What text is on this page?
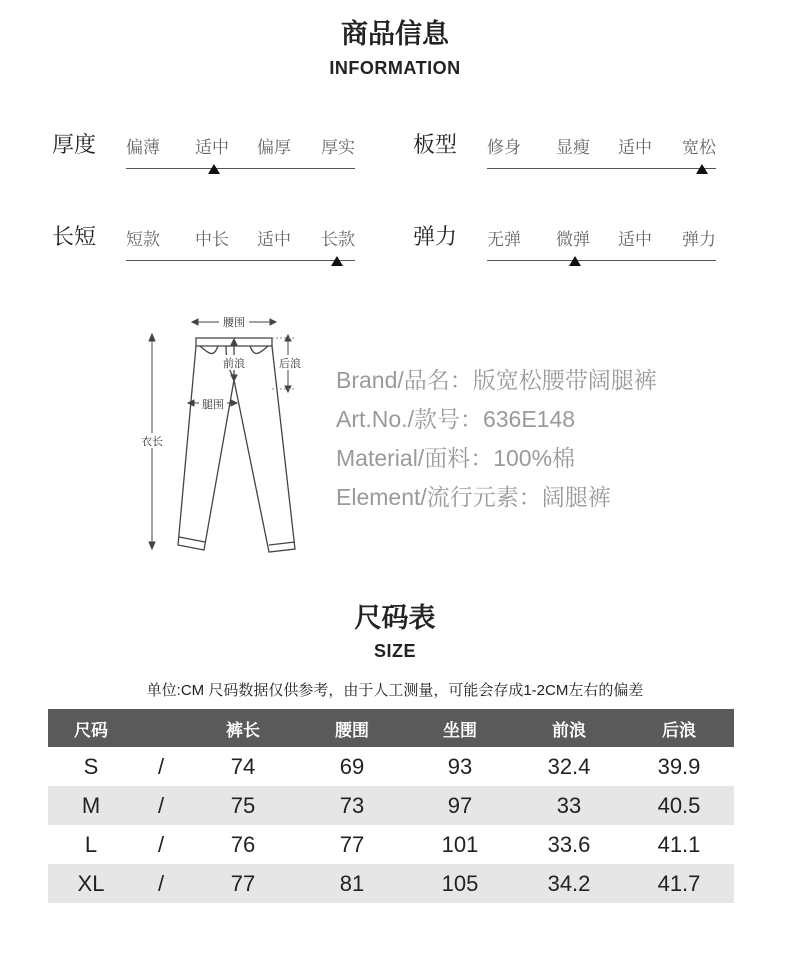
商品信息
INFORMATION
厚度	偏薄	适中	偏厚	厚实	板型	修身	显瘦	适中	宽松
长短	短款	中长	适中	长款	弹力	无弹	微弹	适中	弹力
腰围
前浪	后浪
腿围
衣长
Brand/品名：版宽松腰带阔腿裤
Art.No./款号：636E148
Material/面料：100%棉
Element/流行元素：阔腿裤
尺码表
SIZE
单位:CM 尺码数据仅供参考，由于人工测量，可能会存成1-2CM左右的偏差
尺码		裤长	腰围	坐围	前浪	后浪
S	/	74	69	93	32.4	39.9
M	/	75	73	97	33	40.5
L	/	76	77	101	33.6	41.1
XL	/	77	81	105	34.2	41.7
